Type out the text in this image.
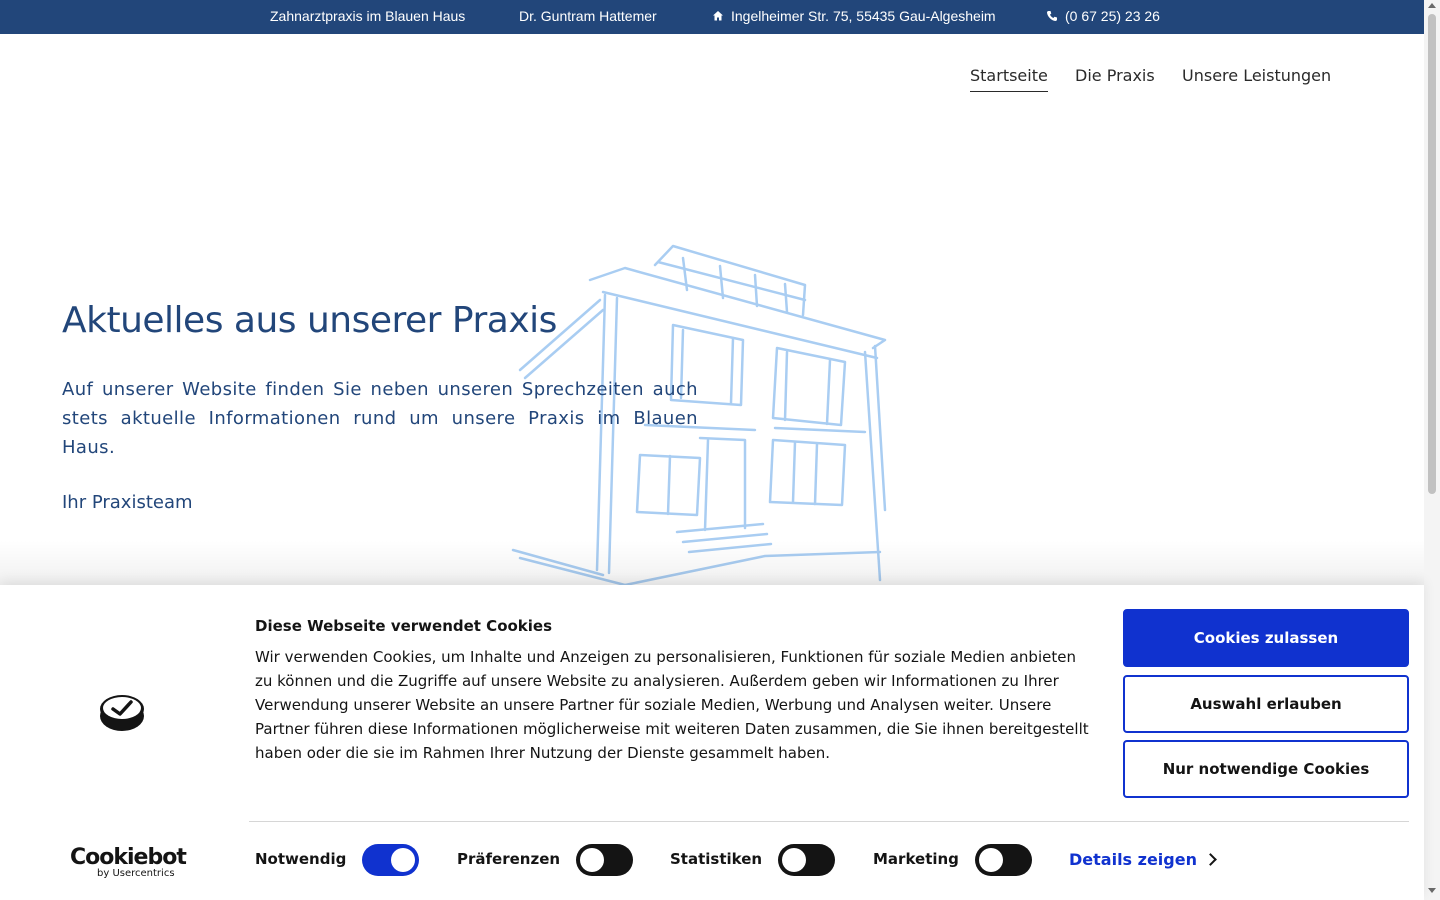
Zahnarztpraxis im Blauen Haus	Dr. Guntram Hattemer	Ingelheimer Str. 75, 55435 Gau-Algesheim	(0 67 25) 23 26
Startseite Die Praxis Unsere Leistungen
Aktuelles aus unserer Praxis

Auf unserer Website finden Sie neben unseren Sprechzeiten auch stets aktuelle Informationen rund um unsere Praxis im Blauen Haus.

Ihr Praxisteam
Cookiebot
by Usercentrics
Diese Webseite verwendet Cookies

Wir verwenden Cookies, um Inhalte und Anzeigen zu personalisieren, Funktionen für soziale Medien anbieten zu können und die Zugriffe auf unsere Website zu analysieren. Außerdem geben wir Informationen zu Ihrer Verwendung unserer Website an unsere Partner für soziale Medien, Werbung und Analysen weiter. Unsere Partner führen diese Informationen möglicherweise mit weiteren Daten zusammen, die Sie ihnen bereitgestellt haben oder die sie im Rahmen Ihrer Nutzung der Dienste gesammelt haben.

Cookies zulassen
Auswahl erlauben
Nur notwendige Cookies
Notwendig	Präferenzen	Statistiken	Marketing	Details zeigen
